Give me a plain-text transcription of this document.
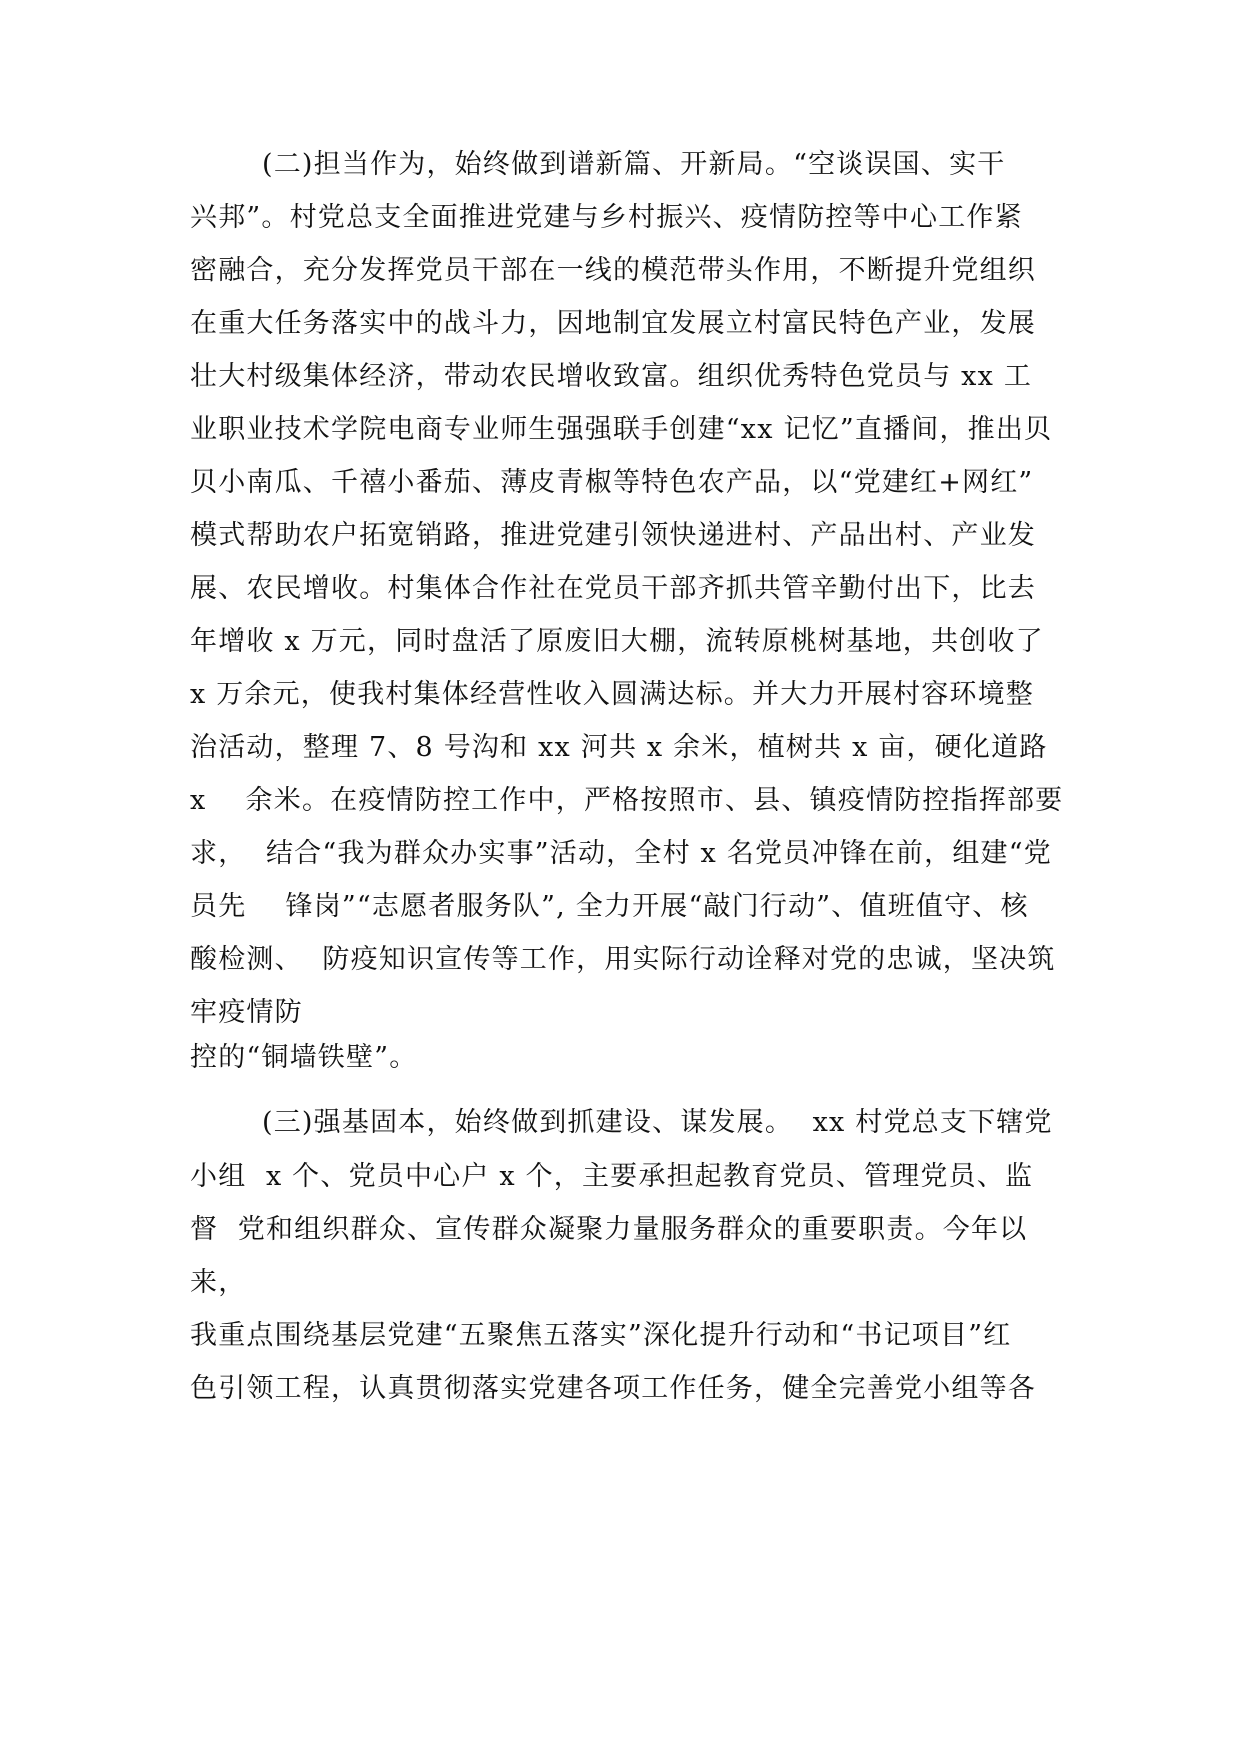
(二)担当作为，始终做到谱新篇、开新局。“空谈误国、实干
兴邦”。村党总支全面推进党建与乡村振兴、疫情防控等中心工作紧
密融合，充分发挥党员干部在一线的模范带头作用，不断提升党组织
在重大任务落实中的战斗力，因地制宜发展立村富民特色产业，发展
壮大村级集体经济，带动农民增收致富。组织优秀特色党员与 xx 工
业职业技术学院电商专业师生强强联手创建“xx 记忆”直播间，推出贝
贝小南瓜、千禧小番茄、薄皮青椒等特色农产品，以“党建红+网红”
模式帮助农户拓宽销路，推进党建引领快递进村、产品出村、产业发
展、农民增收。村集体合作社在党员干部齐抓共管辛勤付出下，比去
年增收 x 万元，同时盘活了原废旧大棚，流转原桃树基地，共创收了
x 万余元，使我村集体经营性收入圆满达标。并大力开展村容环境整
治活动，整理 7、8 号沟和 xx 河共 x 余米，植树共 x 亩，硬化道路
x    余米。在疫情防控工作中，严格按照市、县、镇疫情防控指挥部要
求，  结合“我为群众办实事”活动，全村 x 名党员冲锋在前，组建“党
员先    锋岗”“志愿者服务队”, 全力开展“敲门行动”、值班值守、核
酸检测、  防疫知识宣传等工作，用实际行动诠释对党的忠诚，坚决筑
牢疫情防
控的“铜墙铁壁”。
(三)强基固本，始终做到抓建设、谋发展。  xx 村党总支下辖党
小组  x 个、党员中心户 x 个，主要承担起教育党员、管理党员、监
督  党和组织群众、宣传群众凝聚力量服务群众的重要职责。今年以
来，
我重点围绕基层党建“五聚焦五落实”深化提升行动和“书记项目”红
色引领工程，认真贯彻落实党建各项工作任务，健全完善党小组等各
